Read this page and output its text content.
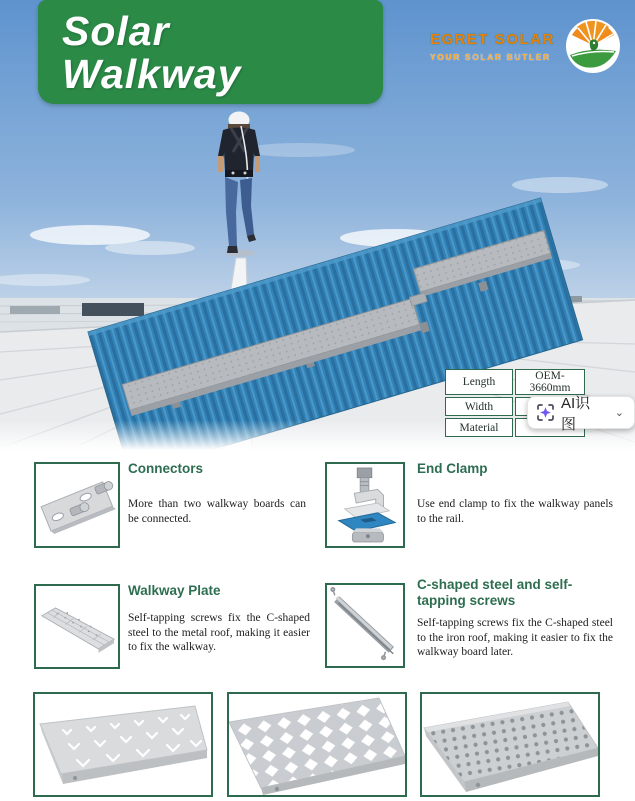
Solar
Walkway
EGRET SOLAR
YOUR SOLAR BUTLER
Length	OEM-3660mm
Width	
Material	
AI识图
⌄
Connectors
More than two walkway boards can be connected.
End Clamp
Use end clamp to fix the walkway panels to the rail.
Walkway Plate
Self-tapping screws fix the C-shaped steel to the metal roof, making it easier to fix the walkway.
C-shaped steel and self-tapping screws
Self-tapping screws fix the C-shaped steel to the iron roof, making it easier to fix the walkway board later.
